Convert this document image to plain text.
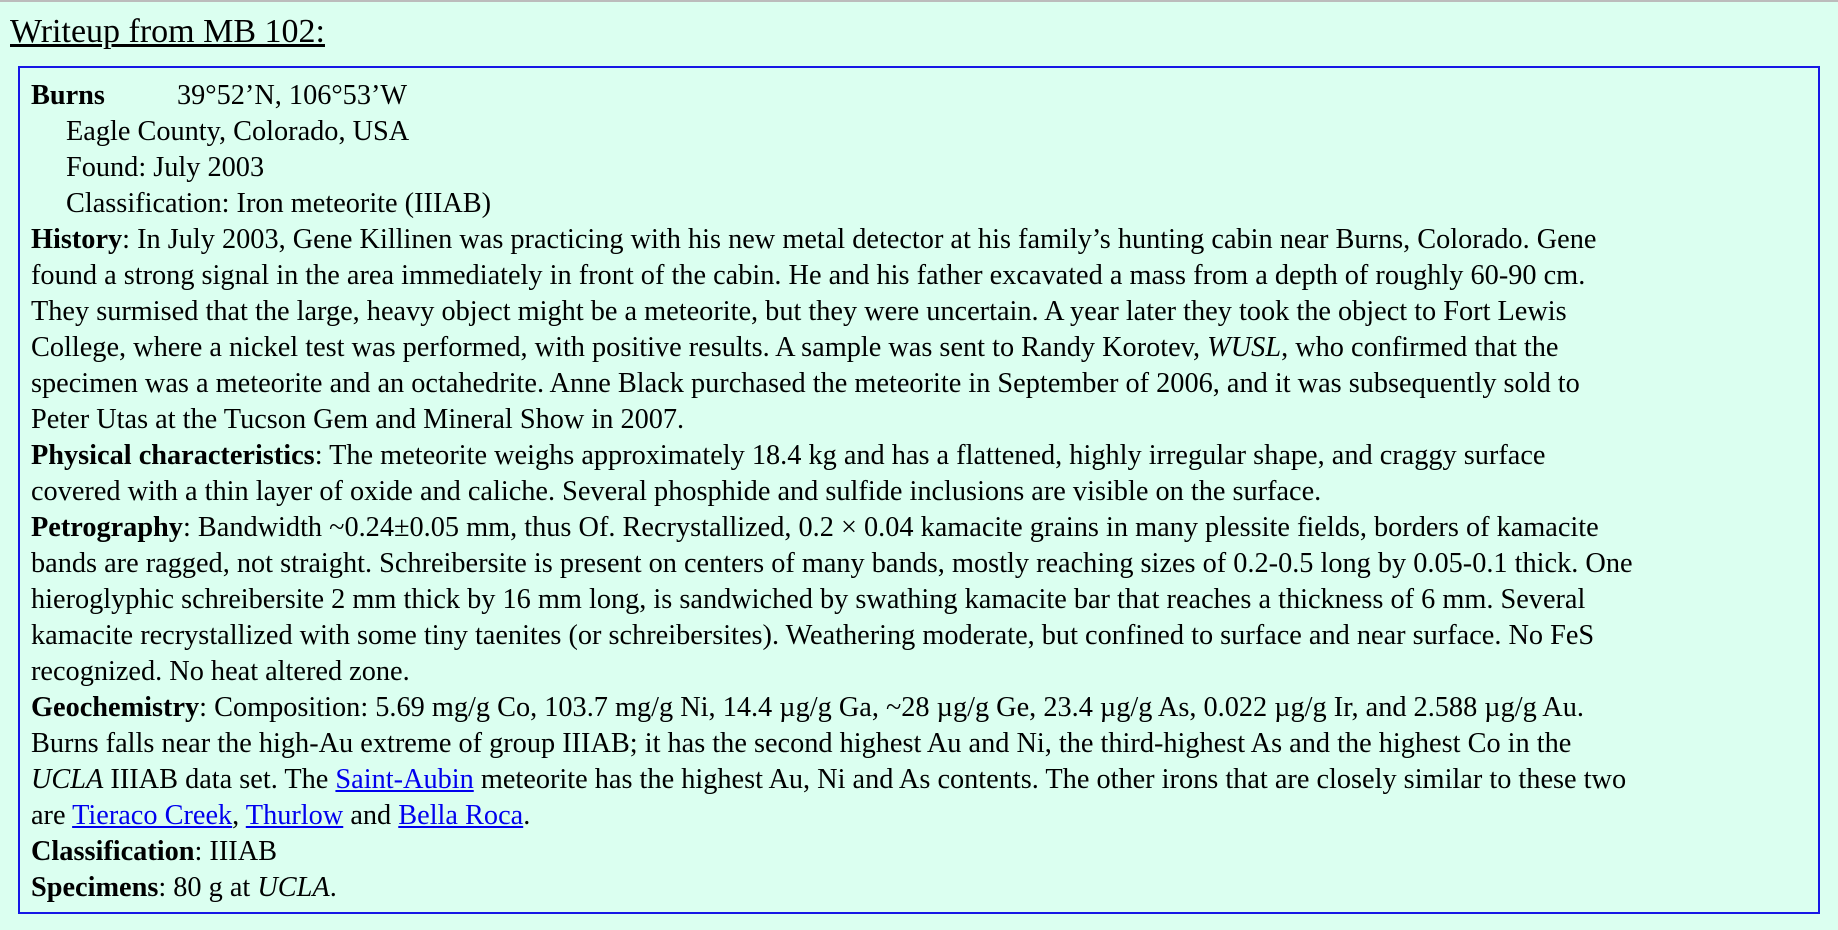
Writeup from MB 102:
Burns	39°52’N, 106°53’W
Eagle County, Colorado, USA
Found: July 2003
Classification: Iron meteorite (IIIAB)
History: In July 2003, Gene Killinen was practicing with his new metal detector at his family’s hunting cabin near Burns, Colorado. Gene
found a strong signal in the area immediately in front of the cabin. He and his father excavated a mass from a depth of roughly 60-90 cm.
They surmised that the large, heavy object might be a meteorite, but they were uncertain. A year later they took the object to Fort Lewis
College, where a nickel test was performed, with positive results. A sample was sent to Randy Korotev, WUSL, who confirmed that the
specimen was a meteorite and an octahedrite. Anne Black purchased the meteorite in September of 2006, and it was subsequently sold to
Peter Utas at the Tucson Gem and Mineral Show in 2007.
Physical characteristics: The meteorite weighs approximately 18.4 kg and has a flattened, highly irregular shape, and craggy surface
covered with a thin layer of oxide and caliche. Several phosphide and sulfide inclusions are visible on the surface.
Petrography: Bandwidth ~0.24±0.05 mm, thus Of. Recrystallized, 0.2 × 0.04 kamacite grains in many plessite fields, borders of kamacite
bands are ragged, not straight. Schreibersite is present on centers of many bands, mostly reaching sizes of 0.2-0.5 long by 0.05-0.1 thick. One
hieroglyphic schreibersite 2 mm thick by 16 mm long, is sandwiched by swathing kamacite bar that reaches a thickness of 6 mm. Several
kamacite recrystallized with some tiny taenites (or schreibersites). Weathering moderate, but confined to surface and near surface. No FeS
recognized. No heat altered zone.
Geochemistry: Composition: 5.69 mg/g Co, 103.7 mg/g Ni, 14.4 µg/g Ga, ~28 µg/g Ge, 23.4 µg/g As, 0.022 µg/g Ir, and 2.588 µg/g Au.
Burns falls near the high-Au extreme of group IIIAB; it has the second highest Au and Ni, the third-highest As and the highest Co in the
UCLA IIIAB data set. The Saint-Aubin meteorite has the highest Au, Ni and As contents. The other irons that are closely similar to these two
are Tieraco Creek, Thurlow and Bella Roca.
Classification: IIIAB
Specimens: 80 g at UCLA.
